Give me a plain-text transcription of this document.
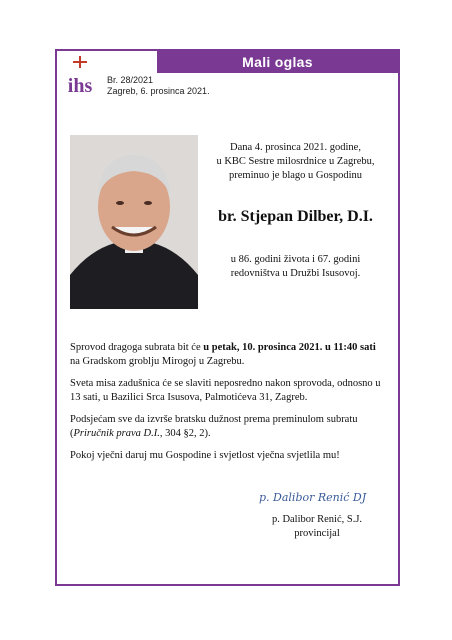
ihs
Mali oglas
Br. 28/2021
Zagreb, 6. prosinca 2021.
Dana 4. prosinca 2021. godine,
u KBC Sestre milosrdnice u Zagrebu,
preminuo je blago u Gospodinu
br. Stjepan Dilber, D.I.
u 86. godini života i 67. godini
redovništva u Družbi Isusovoj.

Sprovod dragoga subrata bit će u petak, 10. prosinca 2021. u 11:40 sati na Gradskom groblju Mirogoj u Zagrebu.

Sveta misa zadušnica će se slaviti neposredno nakon sprovoda, odnosno u 13 sati, u Bazilici Srca Isusova, Palmotićeva 31, Zagreb.

Podsjećam sve da izvrše bratsku dužnost prema preminulom subratu (Priručnik prava D.I., 304 §2, 2).

Pokoj vječni daruj mu Gospodine i svjetlost vječna svjetlila mu!

p. Dalibor Renić DJ
p. Dalibor Renić, S.J.
provincijal
